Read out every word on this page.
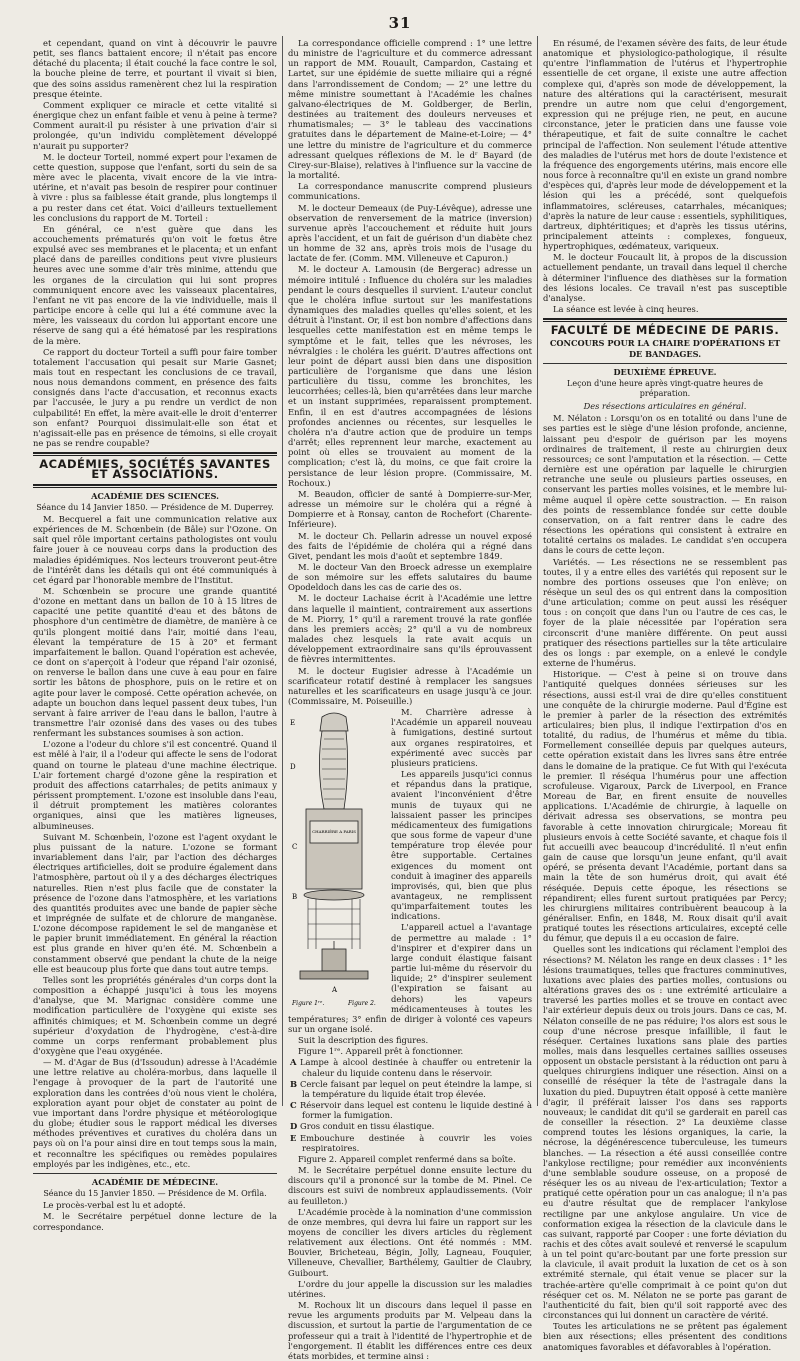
31

et cependant, quand on vint à découvrir le pauvre petit, ses flancs battaient encore; il n'était pas encore détaché du placenta; il était couché la face contre le sol, la bouche pleine de terre, et pourtant il vivait si bien, que des soins assidus ramenèrent chez lui la respiration presque éteinte.

Comment expliquer ce miracle et cette vitalité si énergique chez un enfant faible et venu à peine à terme? Comment aurait-il pu résister à une privation d'air si prolongée, qu'un individu complètement développé n'aurait pu supporter?

M. le docteur Torteil, nommé expert pour l'examen de cette question, suppose que l'enfant, sorti du sein de sa mère avec le placenta, vivait encore de la vie intra-utérine, et n'avait pas besoin de respirer pour continuer à vivre : plus sa faiblesse était grande, plus longtemps il a pu rester dans cet état. Voici d'ailleurs textuellement les conclusions du rapport de M. Torteil :

En général, ce n'est guère que dans les accouchements prématurés qu'on voit le fœtus être expulsé avec ses membranes et le placenta; et un enfant placé dans de pareilles conditions peut vivre plusieurs heures avec une somme d'air très minime, attendu que les organes de la circulation qui lui sont propres communiquent encore avec les vaisseaux placentaires, l'enfant ne vit pas encore de la vie individuelle, mais il participe encore à celle qui lui a été commune avec la mère, les vaisseaux du cordon lui apportant encore une réserve de sang qui a été hématosé par les respirations de la mère.

Ce rapport du docteur Torteil a suffi pour faire tomber totalement l'accusation qui pesait sur Marie Gasnet; mais tout en respectant les conclusions de ce travail, nous nous demandons comment, en présence des faits consignés dans l'acte d'accusation, et reconnus exacts par l'accusée, le jury a pu rendre un verdict de non culpabilité! En effet, la mère avait-elle le droit d'enterrer son enfant? Pourquoi dissimulait-elle son état et n'agissait-elle pas en présence de témoins, si elle croyait ne pas se rendre coupable?

ACADÉMIES, SOCIÉTÉS SAVANTES ET ASSOCIATIONS.
ACADÉMIE DES SCIENCES.
Séance du 14 Janvier 1850. — Présidence de M. Duperrey.

M. Becquerel a fait une communication relative aux expériences de M. Schœnbein (de Bâle) sur l'Ozone. On sait quel rôle important certains pathologistes ont voulu faire jouer à ce nouveau corps dans la production des maladies épidémiques. Nos lecteurs trouveront peut-être de l'intérêt dans les détails qui ont été communiqués à cet égard par l'honorable membre de l'Institut.

M. Schœnbein se procure une grande quantité d'ozone en mettant dans un ballon de 10 à 15 litres de capacité une petite quantité d'eau et des bâtons de phosphore d'un centimètre de diamètre, de manière à ce qu'ils plongent moitié dans l'air, moitié dans l'eau, élevant la température de 15 à 20° et fermant imparfaitement le ballon. Quand l'opération est achevée, ce dont on s'aperçoit à l'odeur que répand l'air ozonisé, on renverse le ballon dans une cuve à eau pour en faire sortir les bâtons de phosphore, puis on le retire et on agite pour laver le composé. Cette opération achevée, on adapte un bouchon dans lequel passent deux tubes, l'un servant à faire arriver de l'eau dans le ballon, l'autre à transmettre l'air ozonisé dans des vases ou des tubes renfermant les substances soumises à son action.

L'ozone a l'odeur du chlore s'il est concentré. Quand il est mêlé à l'air, il a l'odeur qui affecte le sens de l'odorat quand on tourne le plateau d'une machine électrique. L'air fortement chargé d'ozone gêne la respiration et produit des affections catarrhales; de petits animaux y périssent promptement. L'ozone est insoluble dans l'eau, il détruit promptement les matières colorantes organiques, ainsi que les matières ligneuses, albumineuses.

Suivant M. Schœnbein, l'ozone est l'agent oxydant le plus puissant de la nature. L'ozone se formant invariablement dans l'air, par l'action des décharges électriques artificielles, doit se produire également dans l'atmosphère, partout où il y a des décharges électriques naturelles. Rien n'est plus facile que de constater la présence de l'ozone dans l'atmosphère, et les variations des quantités produites avec une bande de papier sèche et imprégnée de sulfate et de chlorure de manganèse. L'ozone décompose rapidement le sel de manganèse et le papier brunit immédiatement. En général la réaction est plus grande en hiver qu'en été. M. Schœnbein a constamment observé que pendant la chute de la neige elle est beaucoup plus forte que dans tout autre temps.

Telles sont les propriétés générales d'un corps dont la composition a échappé jusqu'ici à tous les moyens d'analyse, que M. Marignac considère comme une modification particulière de l'oxygène qui existe ses affinités chimiques; et M. Schœnbein comme un degré supérieur d'oxydation de l'hydrogène, c'est-à-dire comme un corps renfermant probablement plus d'oxygène que l'eau oxygénée.

— M. d'Agar de Bus (d'Issoudun) adresse à l'Académie une lettre relative au choléra-morbus, dans laquelle il l'engage à provoquer de la part de l'autorité une exploration dans les contrées d'où nous vient le choléra, exploration ayant pour objet de constater au point de vue important dans l'ordre physique et météorologique du globe; étudier sous le rapport médical les diverses méthodes préventives et curatives du choléra dans un pays où on l'a pour ainsi dire en tout temps sous la main, et reconnaître les spécifiques ou remèdes populaires employés par les indigènes, etc., etc.

ACADÉMIE DE MÉDECINE.
Séance du 15 Janvier 1850. — Présidence de M. Orfila.

Le procès-verbal est lu et adopté.

M. le Secrétaire perpétuel donne lecture de la correspondance.

La correspondance officielle comprend : 1° une lettre du ministre de l'agriculture et du commerce adressant un rapport de MM. Rouault, Campardon, Castaing et Lartet, sur une épidémie de suette miliaire qui a régné dans l'arrondissement de Condom; — 2° une lettre du même ministre soumettant à l'Académie les chaînes galvano-électriques de M. Goldberger, de Berlin, destinées au traitement des douleurs nerveuses et rhumatismales; — 3° le tableau des vaccinations gratuites dans le département de Maine-et-Loire; — 4° une lettre du ministre de l'agriculture et du commerce adressant quelques réflexions de M. le dʳ Bayard (de Cirey-sur-Blaise), relatives à l'influence sur la vaccine de la mortalité.

La correspondance manuscrite comprend plusieurs communications.

M. le docteur Demeaux (de Puy-Lévêque), adresse une observation de renversement de la matrice (inversion) survenue après l'accouchement et réduite huit jours après l'accident, et un fait de guérison d'un diabète chez un homme de 32 ans, après trois mois de l'usage du lactate de fer. (Comm. MM. Villeneuve et Capuron.)

M. le docteur A. Lamousin (de Bergerac) adresse un mémoire intitulé : Influence du choléra sur les maladies pendant le cours desquelles il survient. L'auteur conclut que le choléra influe surtout sur les manifestations dynamiques des maladies quelles qu'elles soient, et les détruit à l'instant. Or, il est bon nombre d'affections dans lesquelles cette manifestation est en même temps le symptôme et le fait, telles que les névroses, les névralgies : le choléra les guérit. D'autres affections ont leur point de départ aussi bien dans une disposition particulière de l'organisme que dans une lésion particulière du tissu, comme les bronchites, les leucorrhées; celles-là, bien qu'arrêtées dans leur marche et un instant supprimées, reparaissent promptement. Enfin, il en est d'autres accompagnées de lésions profondes anciennes ou récentes, sur lesquelles le choléra n'a d'autre action que de produire un temps d'arrêt; elles reprennent leur marche, exactement au point où elles se trouvaient au moment de la complication; c'est là, du moins, ce que fait croire la persistance de leur lésion propre. (Commissaire, M. Rochoux.)

M. Beaudon, officier de santé à Dompierre-sur-Mer, adresse un mémoire sur le choléra qui a régné à Dompierre et à Ronsay, canton de Rochefort (Charente-Inférieure).

M. le docteur Ch. Pellarin adresse un nouvel exposé des faits de l'épidémie de choléra qui a régné dans Givet, pendant les mois d'août et septembre 1849.

M. le docteur Van den Broeck adresse un exemplaire de son mémoire sur les effets salutaires du baume Opodeldoch dans les cas de carie des os.

M. le docteur Lachaise écrit à l'Académie une lettre dans laquelle il maintient, contrairement aux assertions de M. Piorry, 1° qu'il a rarement trouvé la rate gonflée dans les premiers accès; 2° qu'il a vu de nombreux malades chez lesquels la rate avait acquis un développement extraordinaire sans qu'ils éprouvassent de fièvres intermittentes.

M. le docteur Eugisier adresse à l'Académie un scarificateur rotatif destiné à remplacer les sangsues naturelles et les scarificateurs en usage jusqu'à ce jour. (Commissaire, M. Poiseuille.)

E
D
C
B
A
CHARRIÈRE A PARIS
Figure 1ʳᵉ.	Figure 2.

M. Charrière adresse à l'Académie un appareil nouveau à fumigations, destiné surtout aux organes respiratoires, et expérimenté avec succès par plusieurs praticiens.

Les appareils jusqu'ici connus et répandus dans la pratique, avaient l'inconvénient d'être munis de tuyaux qui ne laissaient passer les principes médicamenteux des fumigations que sous forme de vapeur d'une température trop élevée pour être supportable. Certaines exigences du moment ont conduit à imaginer des appareils improvisés, qui, bien que plus avantageux, ne remplissent qu'imparfaitement toutes les indications.

L'appareil actuel a l'avantage de permettre au malade : 1° d'inspirer et d'expirer dans un large conduit élastique faisant partie lui-même du réservoir du liquide; 2° d'inspirer seulement (l'expiration se faisant au dehors) les vapeurs médicamenteuses à toutes les températures; 3° enfin de diriger à volonté ces vapeurs sur un organe isolé.

Suit la description des figures.

Figure 1ʳᵉ. Appareil prêt à fonctionner.

A Lampe à alcool destinée à chauffer ou entretenir la chaleur du liquide contenu dans le réservoir.

B Cercle faisant par lequel on peut éteindre la lampe, si la température du liquide était trop élevée.

C Réservoir dans lequel est contenu le liquide destiné à former la fumigation.

D Gros conduit en tissu élastique.

E Embouchure destinée à couvrir les voies respiratoires.

Figure 2. Appareil complet renfermé dans sa boîte.

M. le Secrétaire perpétuel donne ensuite lecture du discours qu'il a prononcé sur la tombe de M. Pinel. Ce discours est suivi de nombreux applaudissements. (Voir au feuilleton.)

L'Académie procède à la nomination d'une commission de onze membres, qui devra lui faire un rapport sur les moyens de concilier les divers articles du règlement relativement aux élections. Ont été nommés : MM. Bouvier, Bricheteau, Bégin, Jolly, Lagneau, Fouquier, Villeneuve, Chevallier, Barthélemy, Gaultier de Claubry, Guibourt.

L'ordre du jour appelle la discussion sur les maladies utérines.

M. Rochoux lit un discours dans lequel il passe en revue les arguments produits par M. Velpeau dans la discussion, et surtout la partie de l'argumentation de ce professeur qui a trait à l'identité de l'hypertrophie et de l'engorgement. Il établit les différences entre ces deux états morbides, et termine ainsi :

En résumé, de l'examen sévère des faits, de leur étude anatomique et physiologico-pathologique, il résulte qu'entre l'inflammation de l'utérus et l'hypertrophie essentielle de cet organe, il existe une autre affection complexe qui, d'après son mode de développement, la nature des altérations qui la caractérisent, mesurait prendre un autre nom que celui d'engorgement, expression qui ne préjuge rien, ne peut, en aucune circonstance, jeter le praticien dans une fausse voie thérapeutique, et fait de suite connaître le cachet principal de l'affection. Non seulement l'étude attentive des maladies de l'utérus met hors de doute l'existence et la fréquence des engorgements utérins, mais encore elle nous force à reconnaître qu'il en existe un grand nombre d'espèces qui, d'après leur mode de développement et la lésion qui les a précédé, sont quelquefois inflammatoires, scléreuses, catarrhales, mécaniques; d'après la nature de leur cause : essentiels, syphilitiques, dartreux, diphtéritiques; et d'après les tissus utérins, principalement atteints : complexes, fongueux, hypertrophiques, œdémateux, variqueux.

M. le docteur Foucault lit, à propos de la discussion actuellement pendante, un travail dans lequel il cherche à déterminer l'influence des diathèses sur la formation des lésions locales. Ce travail n'est pas susceptible d'analyse.

La séance est levée à cinq heures.

FACULTÉ DE MÉDECINE DE PARIS.
CONCOURS POUR LA CHAIRE D'OPÉRATIONS ET DE BANDAGES.
DEUXIÈME ÉPREUVE.
Leçon d'une heure après vingt-quatre heures de préparation.
Des résections articulaires en général.

M. Nélaton : Lorsqu'on os en totalité ou dans l'une de ses parties est le siège d'une lésion profonde, ancienne, laissant peu d'espoir de guérison par les moyens ordinaires de traitement, il reste au chirurgien deux ressources; ce sont l'amputation et la résection. — Cette dernière est une opération par laquelle le chirurgien retranche une seule ou plusieurs parties osseuses, en conservant les parties molles voisines, et le membre lui-même auquel il opère cette soustraction. — En raison des points de ressemblance fondée sur cette double conservation, on a fait rentrer dans le cadre des résections les opérations qui consistent à extraire en totalité certains os malades. Le candidat s'en occupera dans le cours de cette leçon.

Variétés. — Les résections ne se ressemblent pas toutes, il y a entre elles des variétés qui reposent sur le nombre des portions osseuses que l'on enlève; on résèque un seul des os qui entrent dans la composition d'une articulation; comme on peut aussi les réséquer tous : on conçoit que dans l'un ou l'autre de ces cas, le foyer de la plaie nécessitée par l'opération sera circonscrit d'une manière différente. On peut aussi pratiquer des résections partielles sur la tête articulaire des os longs : par exemple, on a enlevé le condyle externe de l'humérus.

Historique. — C'est à peine si on trouve dans l'antiquité quelques données sérieuses sur les résections, aussi est-il vrai de dire qu'elles constituent une conquête de la chirurgie moderne. Paul d'Égine est le premier à parler de la résection des extrémités articulaires; bien plus, il indique l'extirpation d'os en totalité, du radius, de l'humérus et même du tibia. Formellement conseillée depuis par quelques auteurs, cette opération existait dans les livres sans être entrée dans le domaine de la pratique. Ce fut With qui l'exécuta le premier. Il réséqua l'humérus pour une affection scrofuleuse. Vigaroux, Parck de Liverpool, en France Moreau de Bar, en firent ensuite de nouvelles applications. L'Académie de chirurgie, à laquelle on dérivait adressa ses observations, se montra peu favorable à cette innovation chirurgicale; Moreau fit plusieurs envois à cette Société savante, et chaque fois il fut accueilli avec beaucoup d'incrédulité. Il n'eut enfin gain de cause que lorsqu'un jeune enfant, qu'il avait opéré, se présenta devant l'Académie, portant dans sa main la tête de son humérus droit, qui avait été réséquée. Depuis cette époque, les résections se répandirent; elles furent surtout pratiquées par Percy; les chirurgiens militaires contribuèrent beaucoup à la généraliser. Enfin, en 1848, M. Roux disait qu'il avait pratiqué toutes les résections articulaires, excepté celle du fémur, que depuis il a eu occasion de faire.

Quelles sont les indications qui réclament l'emploi des résections? M. Nélaton les range en deux classes : 1° les lésions traumatiques, telles que fractures comminutives, luxations avec plaies des parties molles, contusions ou altérations graves des os : une extrémité articulaire a traversé les parties molles et se trouve en contact avec l'air extérieur depuis deux ou trois jours. Dans ce cas, M. Nélaton conseille de ne pas réduire; l'os alors est sous le coup d'une nécrose presque infaillible, il faut le réséquer. Certaines luxations sans plaie des parties molles, mais dans lesquelles certaines saillies osseuses opposent un obstacle persistant à la réduction ont paru à quelques chirurgiens indiquer une résection. Ainsi on a conseillé de réséquer la tête de l'astragale dans la luxation du pied. Dupuytren était opposé à cette manière d'agir, il préférait laisser l'os dans ses rapports nouveaux; le candidat dit qu'il se garderait en pareil cas de conseiller la résection. 2° La deuxième classe comprend toutes les lésions organiques, la carie, la nécrose, la dégénérescence tuberculeuse, les tumeurs blanches. — La résection a été aussi conseillée contre l'ankylose rectiligne; pour remédier aux inconvénients d'une semblable soudure osseuse, on a proposé de réséquer les os au niveau de l'ex-articulation; Textor a pratiqué cette opération pour un cas analogue; il n'a pas eu d'autre résultat que de remplacer l'ankylose rectiligne par une ankylose angulaire. Un vice de conformation exigea la résection de la clavicule dans le cas suivant, rapporté par Cooper : une forte déviation du rachis et des côtes avait soulevé et renversé le scapulum à un tel point qu'arc-boutant par une forte pression sur la clavicule, il avait produit la luxation de cet os à son extrémité sternale, qui était venue se placer sur la trachée-artère qu'elle comprimait à ce point qu'on dut réséquer cet os. M. Nélaton ne se porte pas garant de l'authenticité du fait, bien qu'il soit rapporté avec des circonstances qui lui donnent un caractère de vérité.

Toutes les articulations ne se prêtent pas également bien aux résections; elles présentent des conditions anatomiques favorables et défavorables à l'opération.
